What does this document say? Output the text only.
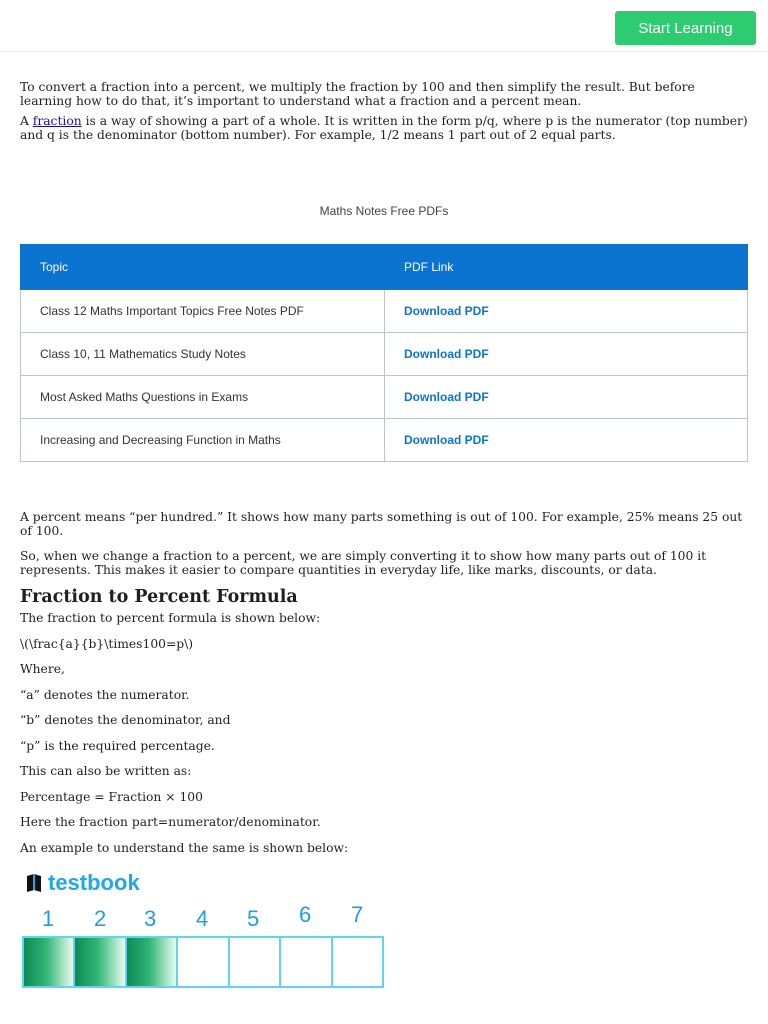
Start Learning

To convert a fraction into a percent, we multiply the fraction by 100 and then simplify the result. But before learning how to do that, it’s important to understand what a fraction and a percent mean.

A fraction is a way of showing a part of a whole. It is written in the form p/q, where p is the numerator (top number) and q is the denominator (bottom number). For example, 1/2 means 1 part out of 2 equal parts.

Maths Notes Free PDFs
Topic	PDF Link
Class 12 Maths Important Topics Free Notes PDF	Download PDF
Class 10, 11 Mathematics Study Notes	Download PDF
Most Asked Maths Questions in Exams	Download PDF
Increasing and Decreasing Function in Maths	Download PDF

A percent means “per hundred.” It shows how many parts something is out of 100. For example, 25% means 25 out of 100.

So, when we change a fraction to a percent, we are simply converting it to show how many parts out of 100 it represents. This makes it easier to compare quantities in everyday life, like marks, discounts, or data.

Fraction to Percent Formula

The fraction to percent formula is shown below:

\(\frac{a}{b}\times100=p\)

Where,

“a” denotes the numerator.

“b” denotes the denominator, and

“p” is the required percentage.

This can also be written as:

Percentage = Fraction × 100

Here the fraction part=numerator/denominator.

An example to understand the same is shown below:

testbook
1 2 3 4 5 6 7
